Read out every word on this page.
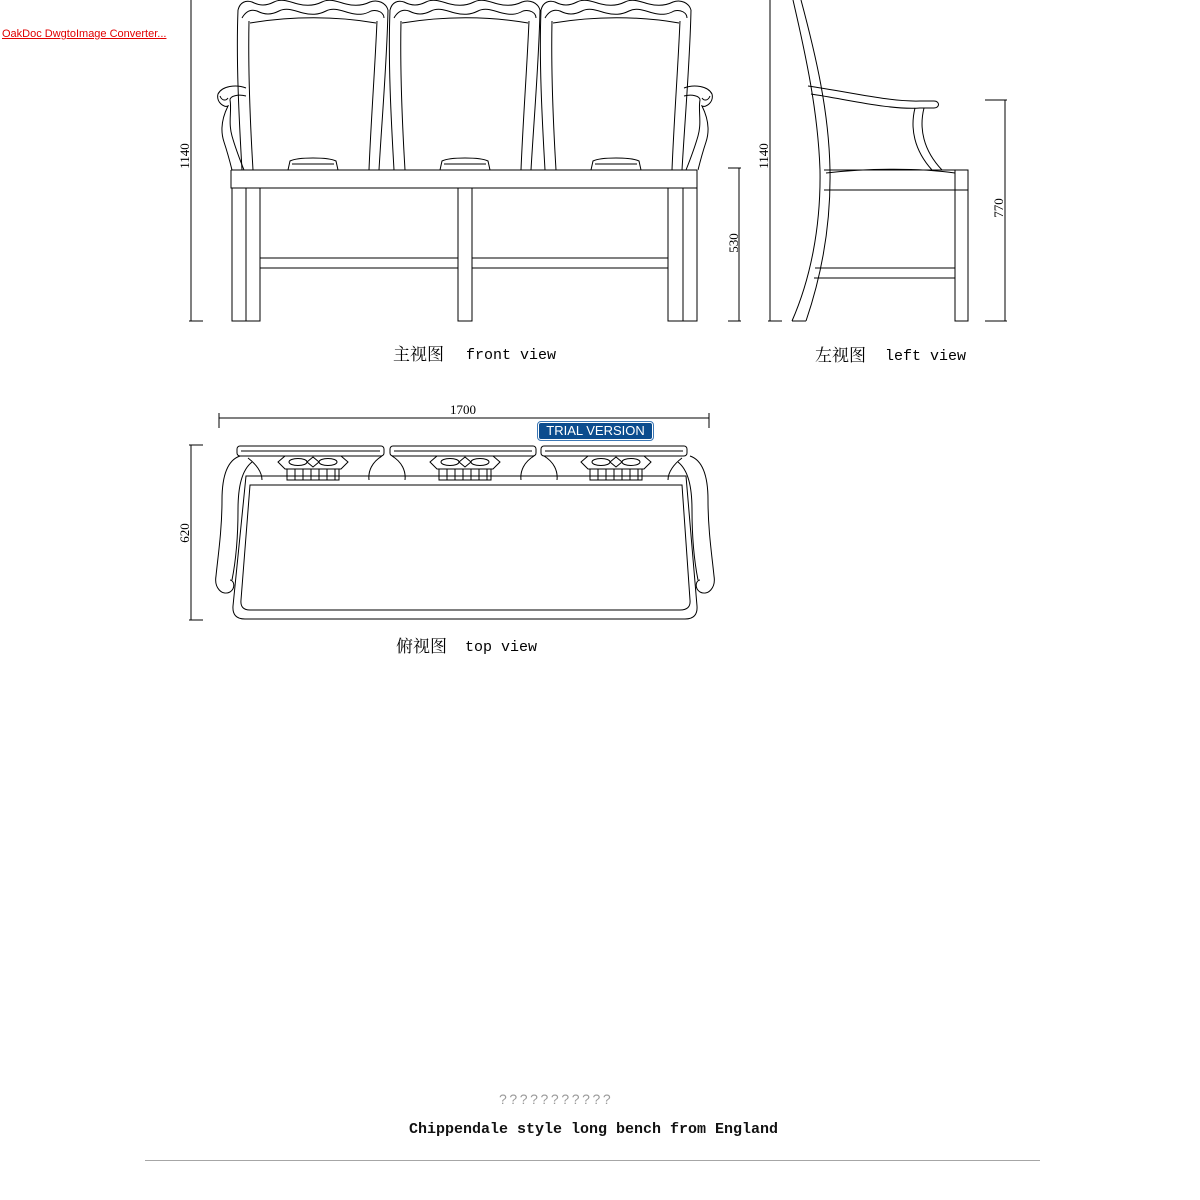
OakDoc DwgtoImage Converter...
1140
530
1140
770
1700
620
主视图 front view	左视图 left view
俯视图 top view
TRIAL VERSION
???????????
Chippendale style long bench from England
